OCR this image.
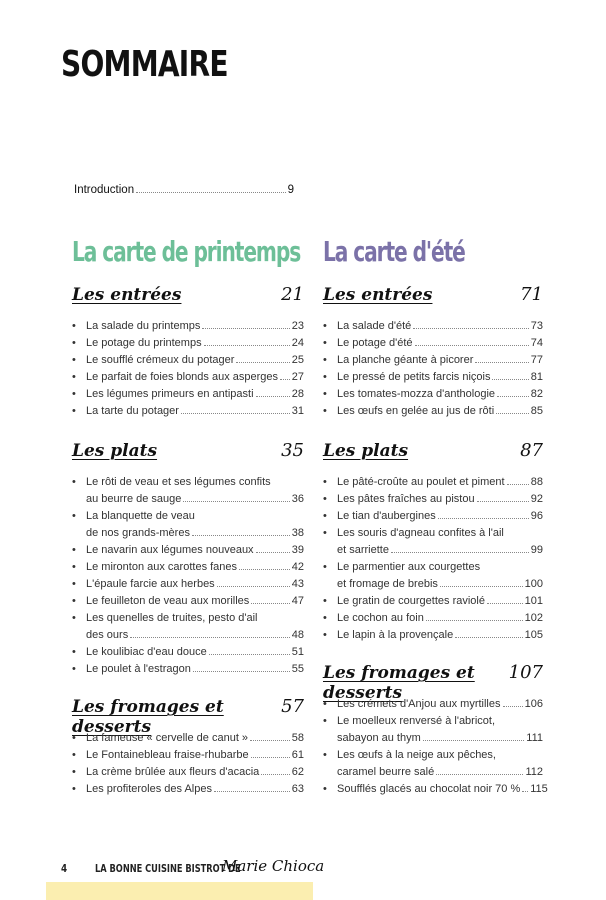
SOMMAIRE
Introduction	9
La carte de printemps
Les entrées	21
• La salade du printemps	23
• Le potage du printemps	24
• Le soufflé crémeux du potager	25
• Le parfait de foies blonds aux asperges 27
• Les légumes primeurs en antipasti	28
• La tarte du potager	31
Les plats	35
• Le rôti de veau et ses légumes confits
au beurre de sauge	36
• La blanquette de veau
de nos grands-mères	38
• Le navarin aux légumes nouveaux	39
• Le mironton aux carottes fanes	42
• L'épaule farcie aux herbes	43
• Le feuilleton de veau aux morilles	47
• Les quenelles de truites, pesto d'ail
des ours	48
• Le koulibiac d'eau douce	51
• Le poulet à l'estragon	55
Les fromages et desserts
57
• La fameuse « cervelle de canut »	58
• Le Fontainebleau fraise-rhubarbe	61
• La crème brûlée aux fleurs d'acacia	62
• Les profiteroles des Alpes	63
La carte d'été
Les entrées	71
• La salade d'été	73
• Le potage d'été	74
• La planche géante à picorer	77
• Le pressé de petits farcis niçois	81
• Les tomates-mozza d'anthologie	82
• Les œufs en gelée au jus de rôti	85
Les plats	87
• Le pâté-croûte au poulet et piment 88
• Les pâtes fraîches au pistou	92
• Le tian d'aubergines	96
• Les souris d'agneau confites à l'ail
et sarriette	99
• Le parmentier aux courgettes
et fromage de brebis	100
• Le gratin de courgettes raviolé	101
• Le cochon au foin	102
• Le lapin à la provençale	105
Les fromages et desserts
107
• Les crémets d'Anjou aux myrtilles 106
• Le moelleux renversé à l'abricot,
sabayon au thym	111
• Les œufs à la neige aux pêches,
caramel beurre salé	112
• Soufflés glacés au chocolat noir 70 % 115
4	LA BONNE CUISINE BISTROT DE
Marie Chioca
